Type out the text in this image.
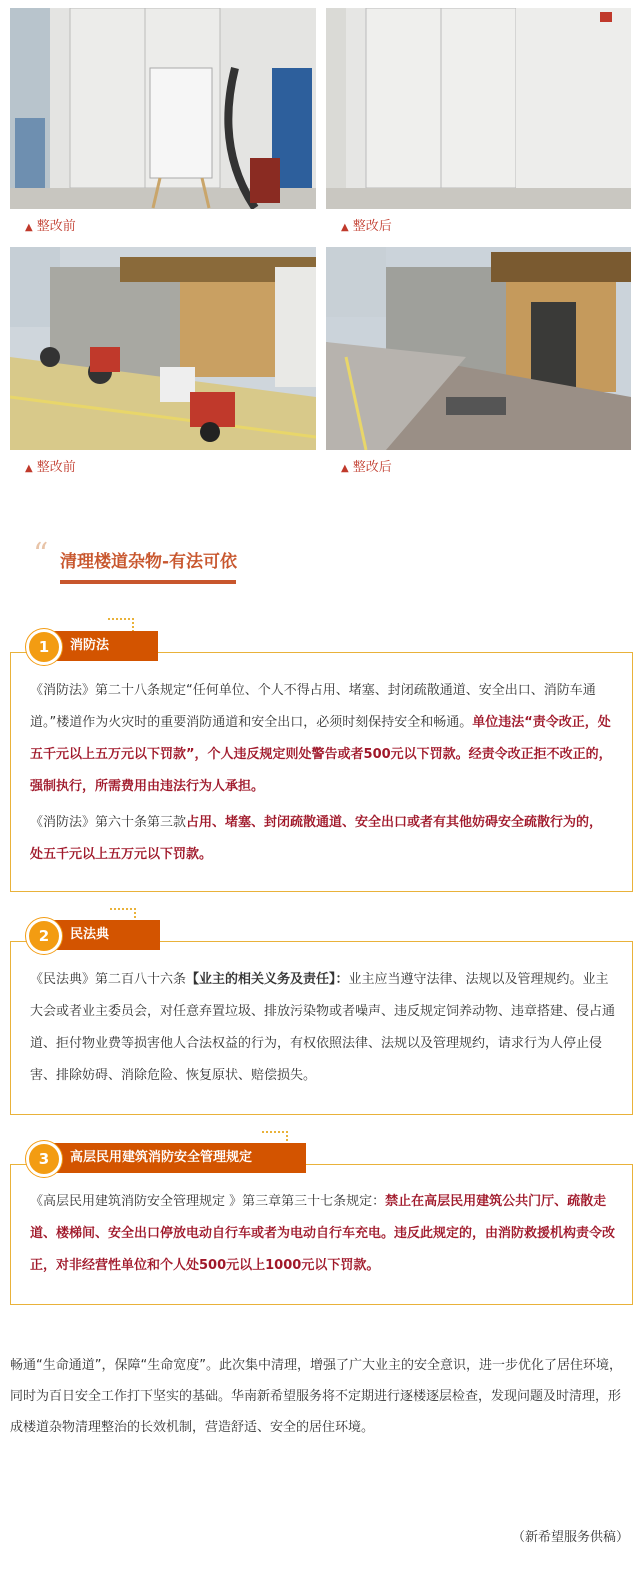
▲ 整改前	▲ 整改后
▲ 整改前	▲ 整改后
“ 清理楼道杂物-有法可依
消防法
1
《消防法》第二十八条规定“任何单位、个人不得占用、堵塞、封闭疏散通道、安全出口、消防车通道。”楼道作为火灾时的重要消防通道和安全出口，必须时刻保持安全和畅通。单位违法“责令改正，处五千元以上五万元以下罚款”，个人违反规定则处警告或者500元以下罚款。经责令改正拒不改正的，强制执行，所需费用由违法行为人承担。
《消防法》第六十条第三款占用、堵塞、封闭疏散通道、安全出口或者有其他妨碍安全疏散行为的，处五千元以上五万元以下罚款。
民法典
2
《民法典》第二百八十六条【业主的相关义务及责任】：业主应当遵守法律、法规以及管理规约。业主大会或者业主委员会，对任意弃置垃圾、排放污染物或者噪声、违反规定饲养动物、违章搭建、侵占通道、拒付物业费等损害他人合法权益的行为，有权依照法律、法规以及管理规约，请求行为人停止侵害、排除妨碍、消除危险、恢复原状、赔偿损失。
高层民用建筑消防安全管理规定
3
《高层民用建筑消防安全管理规定 》第三章第三十七条规定：禁止在高层民用建筑公共门厅、疏散走道、楼梯间、安全出口停放电动自行车或者为电动自行车充电。违反此规定的，由消防救援机构责令改正，对非经营性单位和个人处500元以上1000元以下罚款。
畅通“生命通道”，保障“生命宽度”。此次集中清理，增强了广大业主的安全意识，进一步优化了居住环境，同时为百日安全工作打下坚实的基础。华南新希望服务将不定期进行逐楼逐层检查，发现问题及时清理，形成楼道杂物清理整治的长效机制，营造舒适、安全的居住环境。
（新希望服务供稿）
